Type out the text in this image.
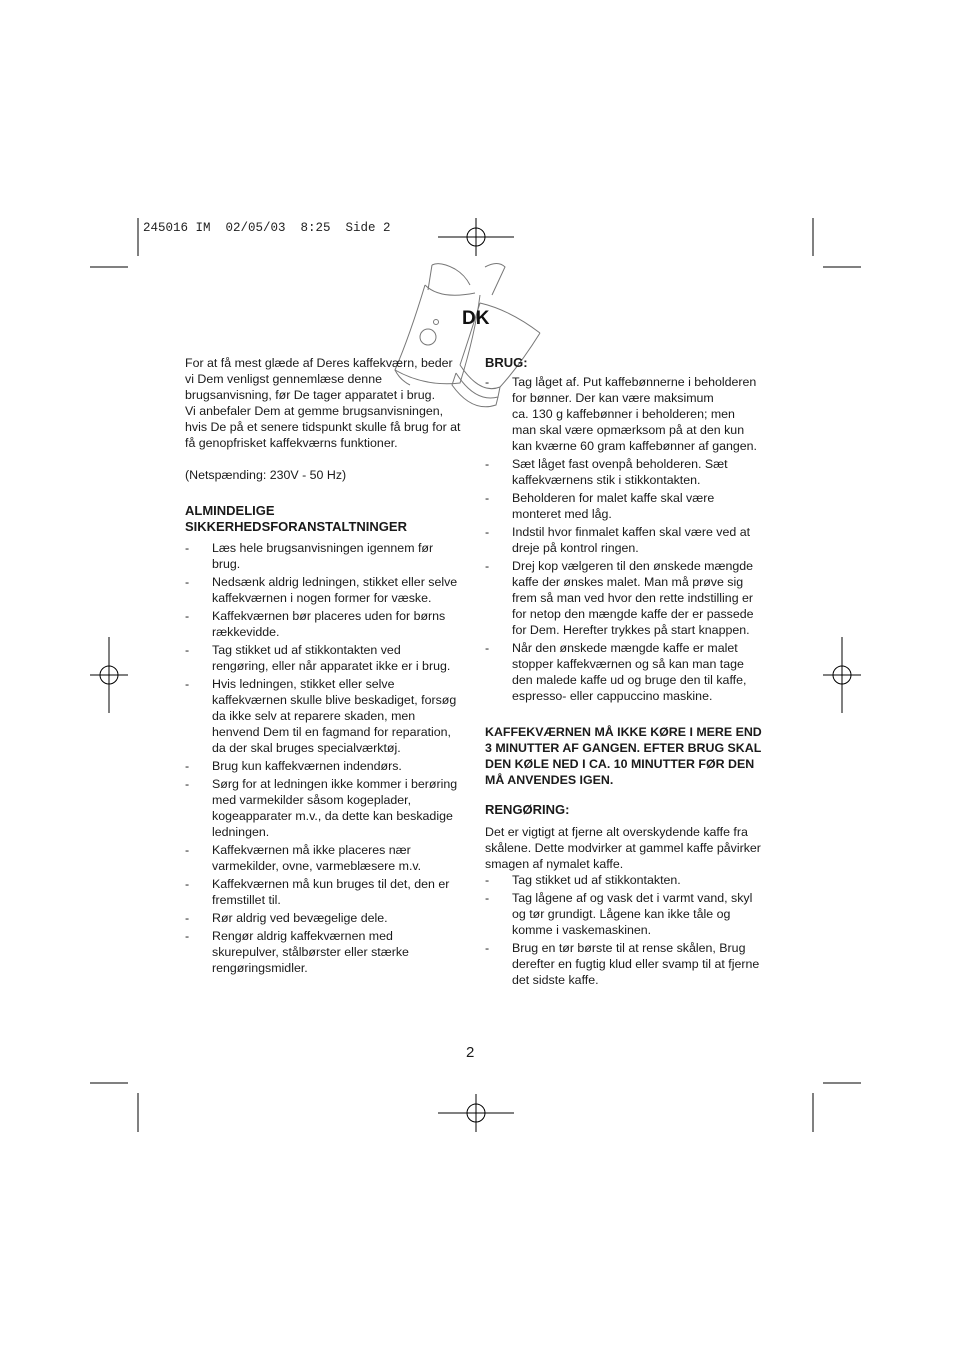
245016 IM  02/05/03  8:25  Side 2
DK
For at få mest glæde af Deres kaffekværn, beder
vi Dem venligst gennemlæse denne
brugsanvisning, før De tager apparatet i brug.
Vi anbefaler Dem at gemme brugsanvisningen,
hvis De på et senere tidspunkt skulle få brug for at
få genopfrisket kaffekværns funktioner.
(Netspænding: 230V - 50 Hz)
ALMINDELIGE
SIKKERHEDSFORANSTALTNINGER
- Læs hele brugsanvisningen igennem før
brug.
- Nedsænk aldrig ledningen, stikket eller selve
kaffekværnen i nogen former for væske.
- Kaffekværnen bør placeres uden for børns
rækkevidde.
- Tag stikket ud af stikkontakten ved
rengøring, eller når apparatet ikke er i brug.
- Hvis ledningen, stikket eller selve
kaffekværnen skulle blive beskadiget, forsøg
da ikke selv at reparere skaden, men
henvend Dem til en fagmand for reparation,
da der skal bruges specialværktøj.
- Brug kun kaffekværnen indendørs.
- Sørg for at ledningen ikke kommer i berøring
med varmekilder såsom kogeplader,
kogeapparater m.v., da dette kan beskadige
ledningen.
- Kaffekværnen må ikke placeres nær
varmekilder, ovne, varmeblæsere m.v.
- Kaffekværnen må kun bruges til det, den er
fremstillet til.
- Rør aldrig ved bevægelige dele.
- Rengør aldrig kaffekværnen med
skurepulver, stålbørster eller stærke
rengøringsmidler.
BRUG:
- Tag låget af. Put kaffebønnerne i beholderen
for bønner. Der kan være maksimum
ca. 130 g kaffebønner i beholderen; men
man skal være opmærksom på at den kun
kan kværne 60 gram kaffebønner af gangen.
- Sæt låget fast ovenpå beholderen. Sæt
kaffekværnens stik i stikkontakten.
- Beholderen for malet kaffe skal være
monteret med låg.
- Indstil hvor finmalet kaffen skal være ved at
dreje på kontrol ringen.
- Drej kop vælgeren til den ønskede mængde
kaffe der ønskes malet. Man må prøve sig
frem så man ved hvor den rette indstilling er
for netop den mængde kaffe der er passede
for Dem. Herefter trykkes på start knappen.
- Når den ønskede mængde kaffe er malet
stopper kaffekværnen og så kan man tage
den malede kaffe ud og bruge den til kaffe,
espresso- eller cappuccino maskine.
KAFFEKVÆRNEN MÅ IKKE KØRE I MERE END
3 MINUTTER AF GANGEN. EFTER BRUG SKAL
DEN KØLE NED I CA. 10 MINUTTER FØR DEN
MÅ ANVENDES IGEN.
RENGØRING:
Det er vigtigt at fjerne alt overskydende kaffe fra
skålene. Dette modvirker at gammel kaffe påvirker
smagen af nymalet kaffe.
- Tag stikket ud af stikkontakten.
- Tag lågene af og vask det i varmt vand, skyl
og tør grundigt. Lågene kan ikke tåle og
komme i vaskemaskinen.
- Brug en tør børste til at rense skålen, Brug
derefter en fugtig klud eller svamp til at fjerne
det sidste kaffe.
2
